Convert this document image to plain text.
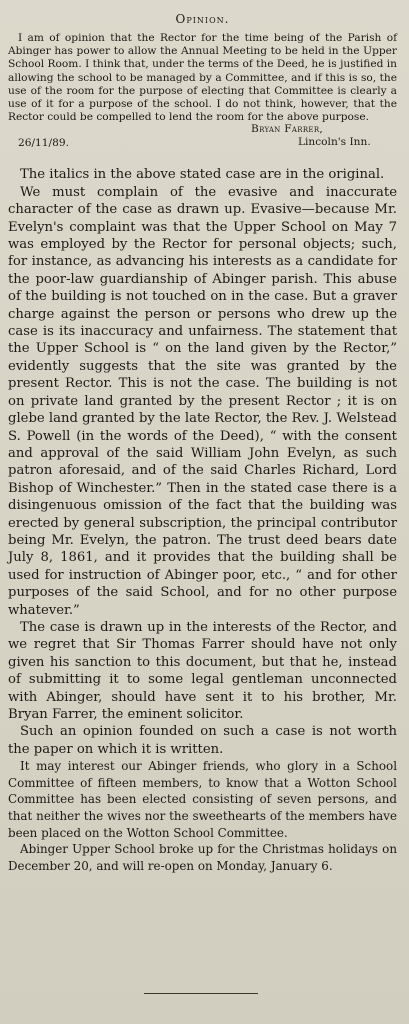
Opinion.

I am of opinion that the Rector for the time being of the Parish of Abinger has power to allow the Annual Meeting to be held in the Upper School Room. I think that, under the terms of the Deed, he is justified in allowing the school to be managed by a Committee, and if this is so, the use of the room for the purpose of electing that Committee is clearly a use of it for a purpose of the school. I do not think, however, that the Rector could be compelled to lend the room for the above purpose.

Bryan Farrer,
Lincoln's Inn.
26/11/89.

The italics in the above stated case are in the original.

We must complain of the evasive and inaccurate character of the case as drawn up. Evasive—because Mr. Evelyn's complaint was that the Upper School on May 7 was employed by the Rector for personal objects; such, for instance, as advancing his interests as a candidate for the poor-law guardianship of Abinger parish. This abuse of the building is not touched on in the case. But a graver charge against the person or persons who drew up the case is its inaccuracy and unfairness. The statement that the Upper School is “ on the land given by the Rector,” evidently suggests that the site was granted by the present Rector. This is not the case. The building is not on private land granted by the present Rector ; it is on glebe land granted by the late Rector, the Rev. J. Welstead S. Powell (in the words of the Deed), “ with the consent and approval of the said William John Evelyn, as such patron aforesaid, and of the said Charles Richard, Lord Bishop of Winchester.” Then in the stated case there is a disingenuous omission of the fact that the building was erected by general subscription, the principal contributor being Mr. Evelyn, the patron. The trust deed bears date July 8, 1861, and it provides that the building shall be used for instruction of Abinger poor, etc., “ and for other purposes of the said School, and for no other purpose whatever.”

The case is drawn up in the interests of the Rector, and we regret that Sir Thomas Farrer should have not only given his sanction to this document, but that he, instead of submitting it to some legal gentleman unconnected with Abinger, should have sent it to his brother, Mr. Bryan Farrer, the eminent solicitor.

Such an opinion founded on such a case is not worth the paper on which it is written.

It may interest our Abinger friends, who glory in a School Committee of fifteen members, to know that a Wotton School Committee has been elected consisting of seven persons, and that neither the wives nor the sweethearts of the members have been placed on the Wotton School Committee.

Abinger Upper School broke up for the Christmas holidays on December 20, and will re-open on Monday, January 6.
